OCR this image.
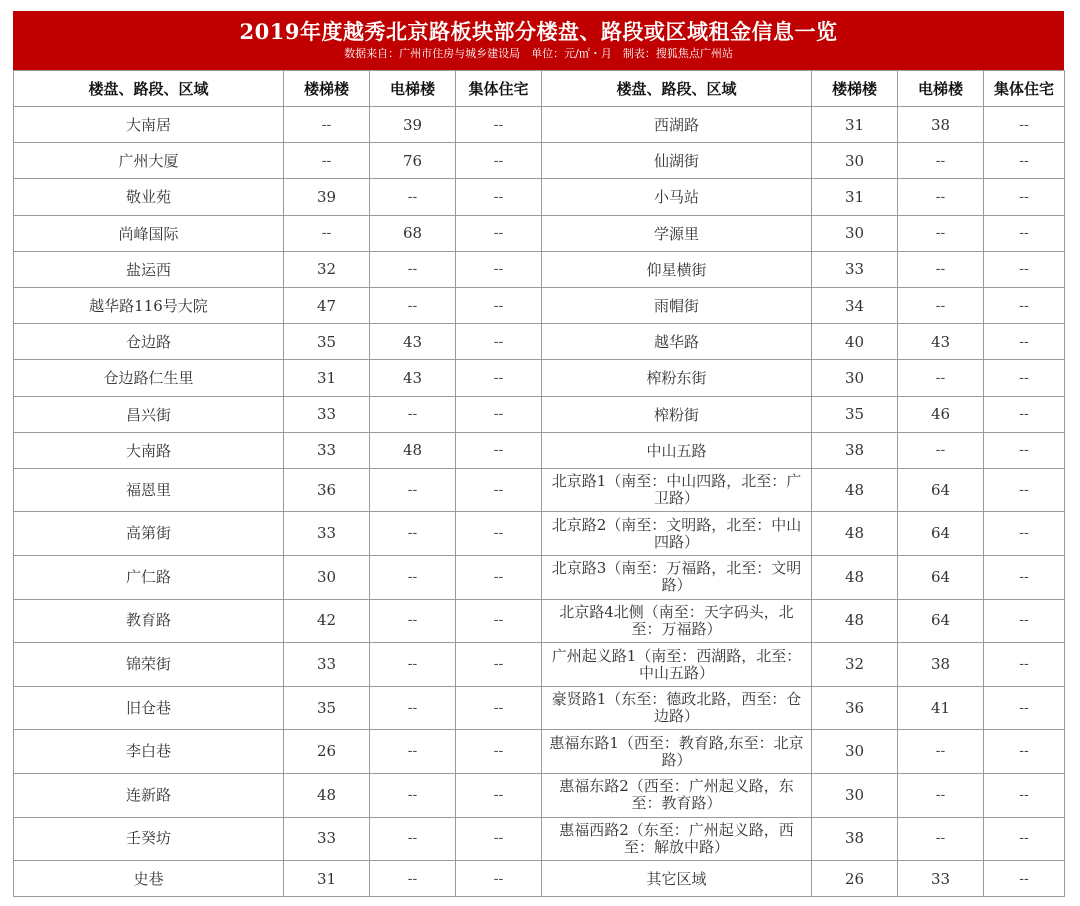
2019年度越秀北京路板块部分楼盘、路段或区域租金信息一览
数据来自：广州市住房与城乡建设局　单位：元/㎡・月　制表：搜狐焦点广州站
楼盘、路段、区域	楼梯楼	电梯楼	集体住宅	楼盘、路段、区域	楼梯楼	电梯楼	集体住宅
大南居	--	39	--	西湖路	31	38	--
广州大厦	--	76	--	仙湖街	30	--	--
敬业苑	39	--	--	小马站	31	--	--
尚峰国际	--	68	--	学源里	30	--	--
盐运西	32	--	--	仰星横街	33	--	--
越华路116号大院	47	--	--	雨帽街	34	--	--
仓边路	35	43	--	越华路	40	43	--
仓边路仁生里	31	43	--	榨粉东街	30	--	--
昌兴街	33	--	--	榨粉街	35	46	--
大南路	33	48	--	中山五路	38	--	--
福恩里	36	--	--	北京路1（南至：中山四路，北至：广卫路）	48	64	--
高第街	33	--	--	北京路2（南至：文明路，北至：中山四路）	48	64	--
广仁路	30	--	--	北京路3（南至：万福路，北至：文明路）	48	64	--
教育路	42	--	--	北京路4北侧（南至：天字码头，北至：万福路）	48	64	--
锦荣街	33	--	--	广州起义路1（南至：西湖路，北至：中山五路）	32	38	--
旧仓巷	35	--	--	豪贤路1（东至：德政北路，西至：仓边路）	36	41	--
李白巷	26	--	--	惠福东路1（西至：教育路,东至：北京路）	30	--	--
连新路	48	--	--	惠福东路2（西至：广州起义路，东至：教育路）	30	--	--
壬癸坊	33	--	--	惠福西路2（东至：广州起义路，西至：解放中路）	38	--	--
史巷	31	--	--	其它区域	26	33	--
